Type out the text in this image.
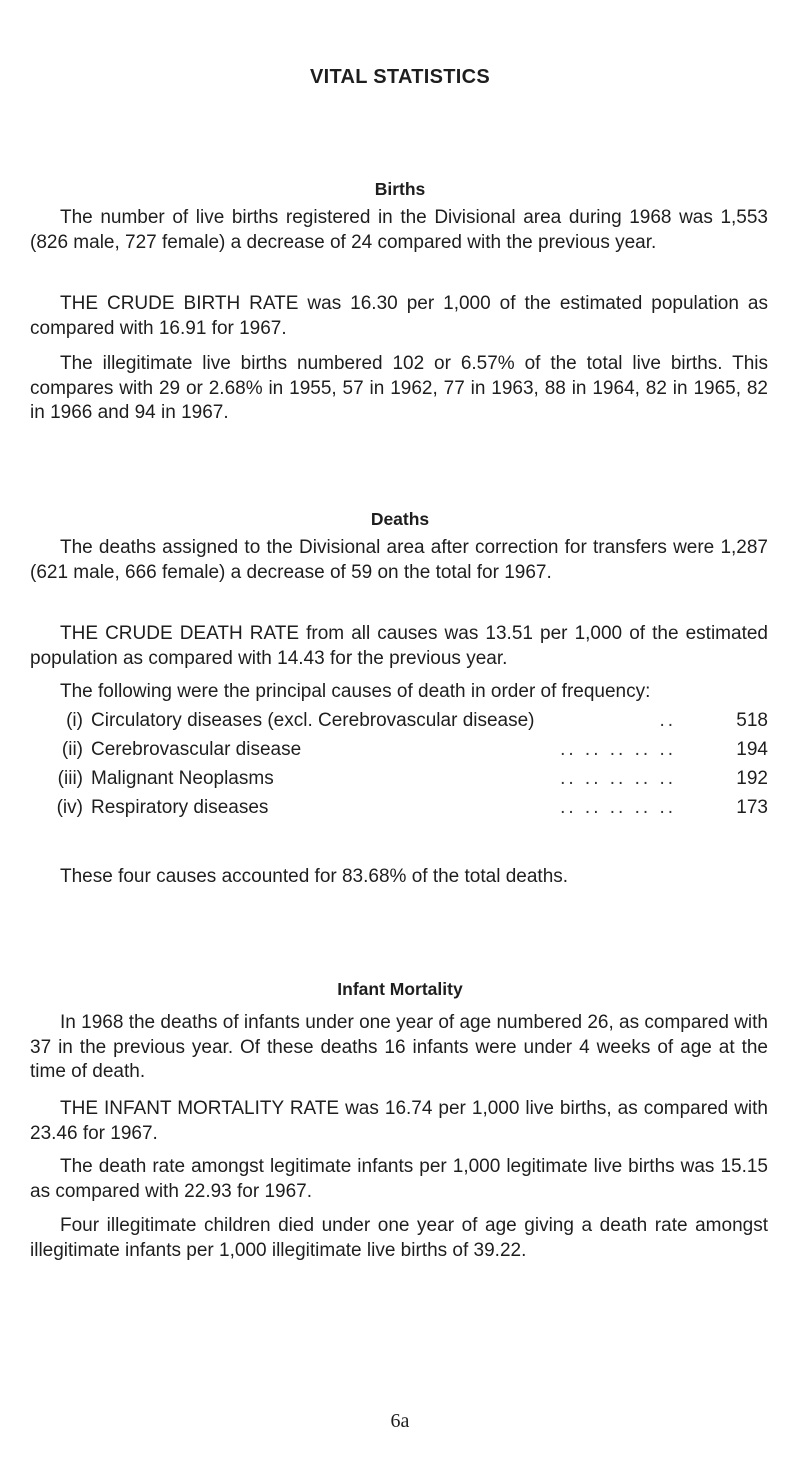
VITAL STATISTICS
Births

The number of live births registered in the Divisional area during 1968 was 1,553 (826 male, 727 female) a decrease of 24 compared with the previous year.

THE CRUDE BIRTH RATE was 16.30 per 1,000 of the estimated population as compared with 16.91 for 1967.

The illegitimate live births numbered 102 or 6.57% of the total live births. This compares with 29 or 2.68% in 1955, 57 in 1962, 77 in 1963, 88 in 1964, 82 in 1965, 82 in 1966 and 94 in 1967.

Deaths

The deaths assigned to the Divisional area after correction for transfers were 1,287 (621 male, 666 female) a decrease of 59 on the total for 1967.

THE CRUDE DEATH RATE from all causes was 13.51 per 1,000 of the estimated population as compared with 14.43 for the previous year.

The following were the principal causes of death in order of frequency:

(i) Circulatory diseases (excl. Cerebrovascular disease)	..	518
(ii) Cerebrovascular disease	.. .. .. .. ..	194
(iii) Malignant Neoplasms	.. .. .. .. ..	192
(iv) Respiratory diseases	.. .. .. .. ..	173

These four causes accounted for 83.68% of the total deaths.

Infant Mortality

In 1968 the deaths of infants under one year of age numbered 26, as compared with 37 in the previous year. Of these deaths 16 infants were under 4 weeks of age at the time of death.

THE INFANT MORTALITY RATE was 16.74 per 1,000 live births, as compared with 23.46 for 1967.

The death rate amongst legitimate infants per 1,000 legitimate live births was 15.15 as compared with 22.93 for 1967.

Four illegitimate children died under one year of age giving a death rate amongst illegitimate infants per 1,000 illegitimate live births of 39.22.

6a
